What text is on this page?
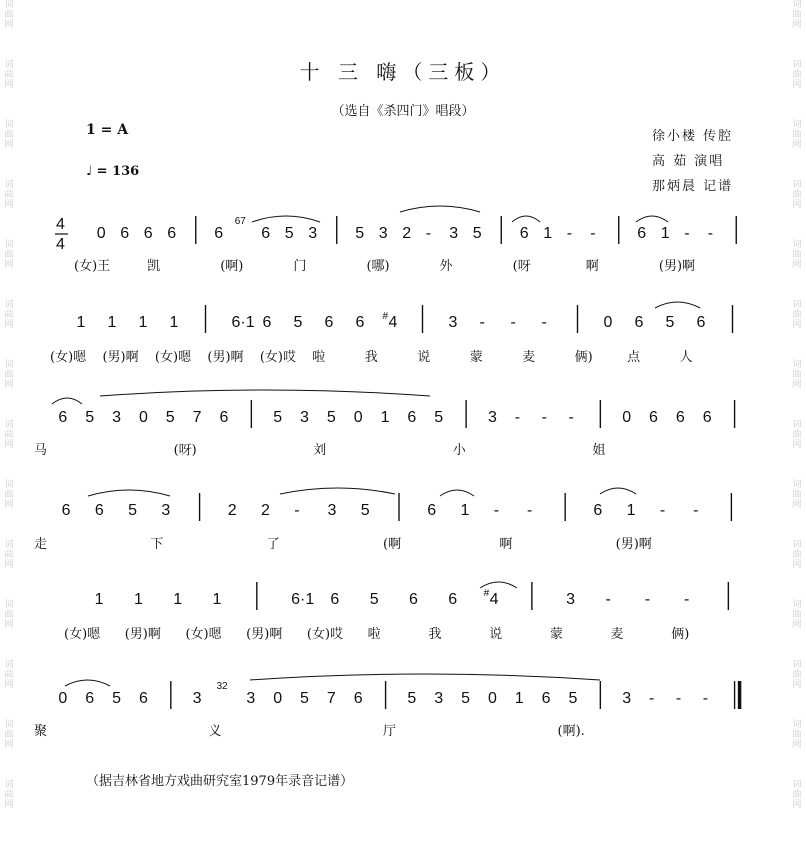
词
曲
网
词
曲
网
词
曲
网
词
曲
网
词
曲
网
词
曲
网
词
曲
网
词
曲
网
词
曲
网
词
曲
网
词
曲
网
词
曲
网
词
曲
网
词
曲
网
词
曲
网
词
曲
网
词
曲
网
词
曲
网
词
曲
网
词
曲
网
词
曲
网
词
曲
网
词
曲
网
词
曲
网
词
曲
网
词
曲
网
词
曲
网
词
曲
网
十 三 嗨（三板）
（选自《杀四门》唱段）
1 = A
♩ = 136
徐小楼 传腔
高 茹 演唱
那炳晨 记谱
4
4
0 6 6 6 6
67
6 5 3 5 3 2 - 3 5 6 1 - -	6 1 - -
(女)王	凯	(啊)	门	(哪)	外	(呀	啊	(男)啊
1 1 1 1	6·1 6 5 6 6 # 4	3 - - -	0 6 5 6
(女)嗯 (男)啊 (女)嗯 (男)啊 (女)哎 啦	我	说	蒙	麦	俩)	点	人
6 5 3 0 5 7 6	5 3 5 0 1 6 5	3 - - -	0 6 6 6
马	(呀)	刘	小	姐
6 6 5 3	2 2 - 3 5	6 1 - -	6 1 - -
走	下	了	(啊	啊	(男)啊
1 1 1 1	6·1 6 5 6 6	# 4	3 - - -
(女)嗯 (男)啊 (女)嗯 (男)啊 (女)哎 啦	我	说	蒙	麦	俩)
0 6 5 6	3
32
3 0 5 7 6	5 3 5 0 1 6 5	3 - - -
聚	义	厅	(啊).
（据吉林省地方戏曲研究室1979年录音记谱）
